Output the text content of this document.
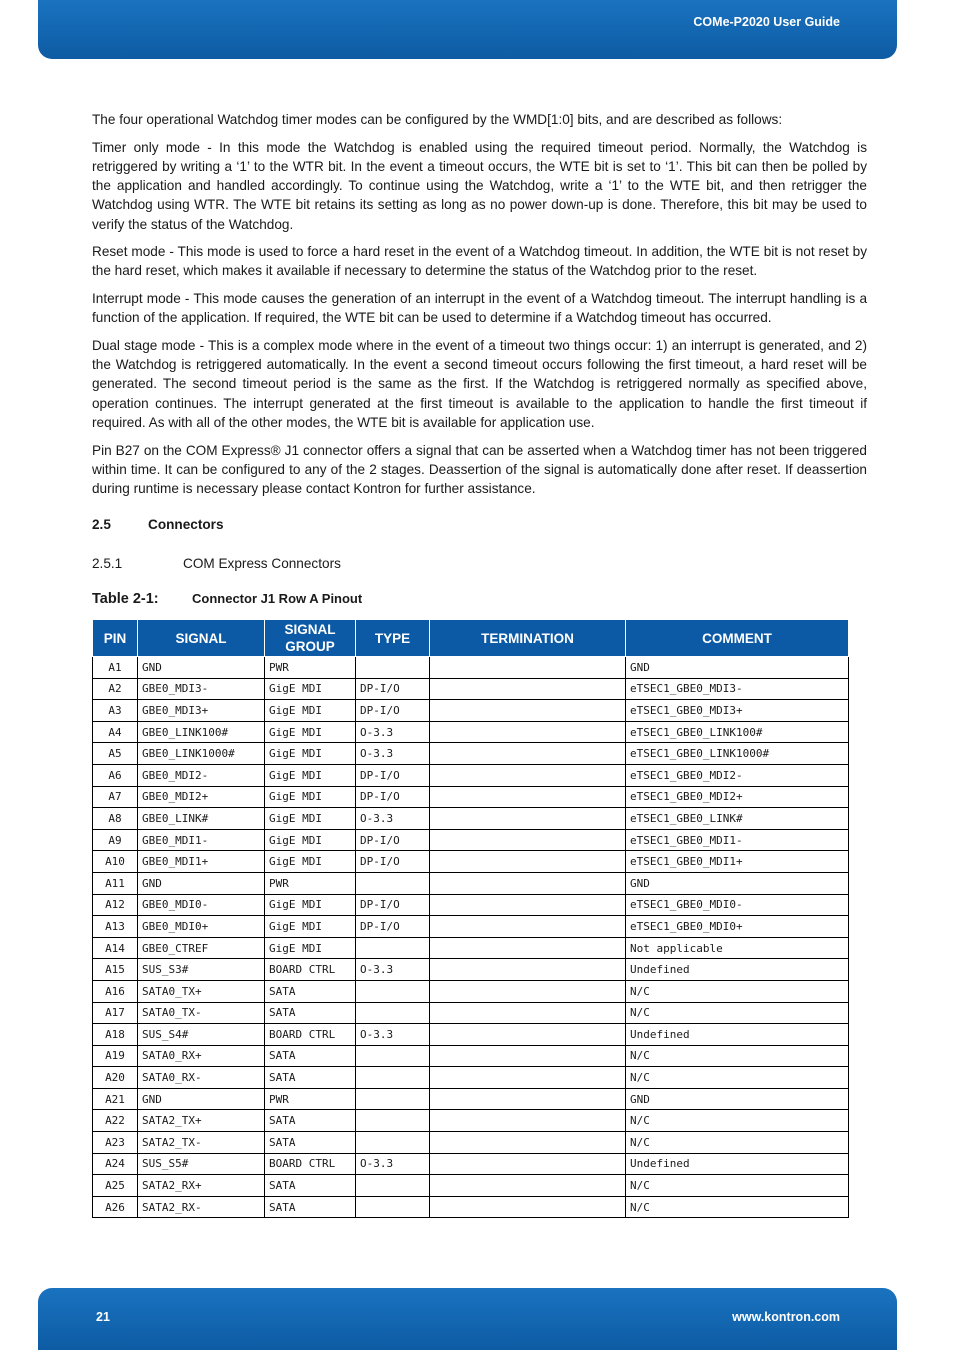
COMe-P2020 User Guide

The four operational Watchdog timer modes can be configured by the WMD[1:0] bits, and are described as follows:

Timer only mode - In this mode the Watchdog is enabled using the required timeout period. Normally, the Watchdog is retriggered by writing a ‘1’ to the WTR bit. In the event a timeout occurs, the WTE bit is set to ‘1’. This bit can then be polled by the application and handled accordingly. To continue using the Watchdog, write a ‘1’ to the WTE bit, and then retrigger the Watchdog using WTR. The WTE bit retains its setting as long as no power down-up is done. Therefore, this bit may be used to verify the status of the Watchdog.

Reset mode - This mode is used to force a hard reset in the event of a Watchdog timeout. In addition, the WTE bit is not reset by the hard reset, which makes it available if necessary to determine the status of the Watchdog prior to the reset.

Interrupt mode - This mode causes the generation of an interrupt in the event of a Watchdog timeout. The interrupt handling is a function of the application. If required, the WTE bit can be used to determine if a Watchdog timeout has occurred.

Dual stage mode - This is a complex mode where in the event of a timeout two things occur: 1) an interrupt is generated, and 2) the Watchdog is retriggered automatically. In the event a second timeout occurs following the first timeout, a hard reset will be generated. The second timeout period is the same as the first. If the Watchdog is retriggered normally as specified above, operation continues. The interrupt generated at the first timeout is available to the application to handle the first timeout if required. As with all of the other modes, the WTE bit is available for application use.

Pin B27 on the COM Express® J1 connector offers a signal that can be asserted when a Watchdog timer has not been triggered within time. It can be configured to any of the 2 stages. Deassertion of the signal is automatically done after reset. If deassertion during runtime is necessary please contact Kontron for further assistance.

2.5	Connectors
2.5.1	COM Express Connectors
Table 2-1:	Connector J1 Row A Pinout
PIN	SIGNAL	SIGNAL GROUP	TYPE	TERMINATION	COMMENT
A1	GND	PWR			GND
A2	GBE0_MDI3-	GigE MDI	DP-I/O		eTSEC1_GBE0_MDI3-
A3	GBE0_MDI3+	GigE MDI	DP-I/O		eTSEC1_GBE0_MDI3+
A4	GBE0_LINK100#	GigE MDI	O-3.3		eTSEC1_GBE0_LINK100#
A5	GBE0_LINK1000#	GigE MDI	O-3.3		eTSEC1_GBE0_LINK1000#
A6	GBE0_MDI2-	GigE MDI	DP-I/O		eTSEC1_GBE0_MDI2-
A7	GBE0_MDI2+	GigE MDI	DP-I/O		eTSEC1_GBE0_MDI2+
A8	GBE0_LINK#	GigE MDI	O-3.3		eTSEC1_GBE0_LINK#
A9	GBE0_MDI1-	GigE MDI	DP-I/O		eTSEC1_GBE0_MDI1-
A10	GBE0_MDI1+	GigE MDI	DP-I/O		eTSEC1_GBE0_MDI1+
A11	GND	PWR			GND
A12	GBE0_MDI0-	GigE MDI	DP-I/O		eTSEC1_GBE0_MDI0-
A13	GBE0_MDI0+	GigE MDI	DP-I/O		eTSEC1_GBE0_MDI0+
A14	GBE0_CTREF	GigE MDI			Not applicable
A15	SUS_S3#	BOARD CTRL	O-3.3		Undefined
A16	SATA0_TX+	SATA			N/C
A17	SATA0_TX-	SATA			N/C
A18	SUS_S4#	BOARD CTRL	O-3.3		Undefined
A19	SATA0_RX+	SATA			N/C
A20	SATA0_RX-	SATA			N/C
A21	GND	PWR			GND
A22	SATA2_TX+	SATA			N/C
A23	SATA2_TX-	SATA			N/C
A24	SUS_S5#	BOARD CTRL	O-3.3		Undefined
A25	SATA2_RX+	SATA			N/C
A26	SATA2_RX-	SATA			N/C
21	www.kontron.com
